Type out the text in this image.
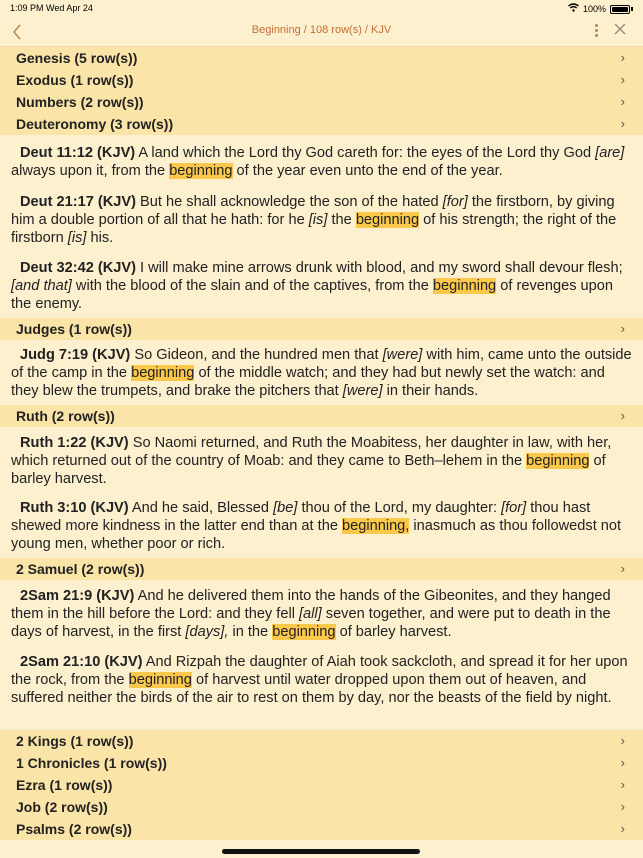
1:09 PM Wed Apr 24	100%
Beginning / 108 row(s) / KJV
Genesis (5 row(s))	›
Exodus (1 row(s))	›
Numbers (2 row(s))	›
Deuteronomy (3 row(s))	›
Deut 11:12 (KJV) A land which the Lord thy God careth for: the eyes of the Lord thy God [are] always upon it, from the beginning of the year even unto the end of the year.
Deut 21:17 (KJV) But he shall acknowledge the son of the hated [for] the firstborn, by giving him a double portion of all that he hath: for he [is] the beginning of his strength; the right of the firstborn [is] his.
Deut 32:42 (KJV) I will make mine arrows drunk with blood, and my sword shall devour flesh; [and that] with the blood of the slain and of the captives, from the beginning of revenges upon the enemy.
Judges (1 row(s))	›
Judg 7:19 (KJV) So Gideon, and the hundred men that [were] with him, came unto the outside of the camp in the beginning of the middle watch; and they had but newly set the watch: and they blew the trumpets, and brake the pitchers that [were] in their hands.
Ruth (2 row(s))	›
Ruth 1:22 (KJV) So Naomi returned, and Ruth the Moabitess, her daughter in law, with her, which returned out of the country of Moab: and they came to Beth–lehem in the beginning of barley harvest.
Ruth 3:10 (KJV) And he said, Blessed [be] thou of the Lord, my daughter: [for] thou hast shewed more kindness in the latter end than at the beginning, inasmuch as thou followedst not young men, whether poor or rich.
2 Samuel (2 row(s))	›
2Sam 21:9 (KJV) And he delivered them into the hands of the Gibeonites, and they hanged them in the hill before the Lord: and they fell [all] seven together, and were put to death in the days of harvest, in the first [days], in the beginning of barley harvest.
2Sam 21:10 (KJV) And Rizpah the daughter of Aiah took sackcloth, and spread it for her upon the rock, from the beginning of harvest until water dropped upon them out of heaven, and suffered neither the birds of the air to rest on them by day, nor the beasts of the field by night.
2 Kings (1 row(s))	›
1 Chronicles (1 row(s))	›
Ezra (1 row(s))	›
Job (2 row(s))	›
Psalms (2 row(s))	›
